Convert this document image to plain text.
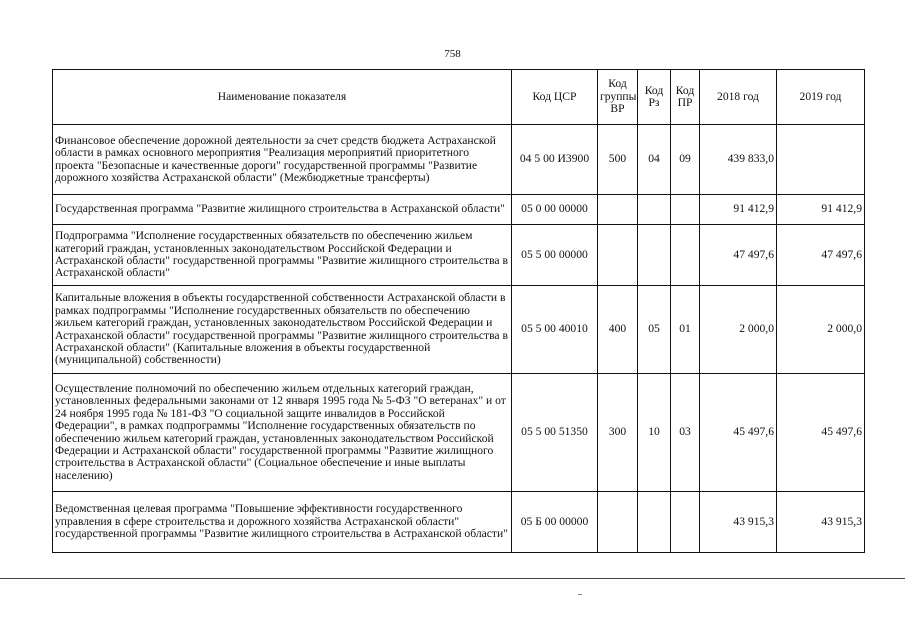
758
Наименование показателя	Код ЦСР	Код группы ВР	Код Рз	Код ПР	2018 год	2019 год
Финансовое обеспечение дорожной деятельности за счет средств бюджета Астраханской области в рамках основного мероприятия "Реализация мероприятий приоритетного проекта "Безопасные и качественные дороги" государственной программы "Развитие дорожного хозяйства Астраханской области" (Межбюджетные трансферты)	04 5 00 И3900	500	04	09	439 833,0	
Государственная программа "Развитие жилищного строительства в Астраханской области"	05 0 00 00000				91 412,9	91 412,9
Подпрограмма "Исполнение государственных обязательств по обеспечению жильем категорий граждан, установленных законодательством Российской Федерации и Астраханской области" государственной программы "Развитие жилищного строительства в Астраханской области"	05 5 00 00000				47 497,6	47 497,6
Капитальные вложения в объекты государственной собственности Астраханской области в рамках подпрограммы "Исполнение государственных обязательств по обеспечению жильем категорий граждан, установленных законодательством Российской Федерации и Астраханской области" государственной программы "Развитие жилищного строительства в Астраханской области" (Капитальные вложения в объекты государственной (муниципальной) собственности)	05 5 00 40010	400	05	01	2 000,0	2 000,0
Осуществление полномочий по обеспечению жильем отдельных категорий граждан, установленных федеральными законами от 12 января 1995 года № 5-ФЗ "О ветеранах" и от 24 ноября 1995 года № 181-ФЗ "О социальной защите инвалидов в Российской Федерации", в рамках подпрограммы "Исполнение государственных обязательств по обеспечению жильем категорий граждан, установленных законодательством Российской Федерации и Астраханской области" государственной программы "Развитие жилищного строительства в Астраханской области" (Социальное обеспечение и иные выплаты населению)	05 5 00 51350	300	10	03	45 497,6	45 497,6
Ведомственная целевая программа "Повышение эффективности государственного управления в сфере строительства и дорожного хозяйства Астраханской области" государственной программы "Развитие жилищного строительства в Астраханской области"	05 Б 00 00000				43 915,3	43 915,3
